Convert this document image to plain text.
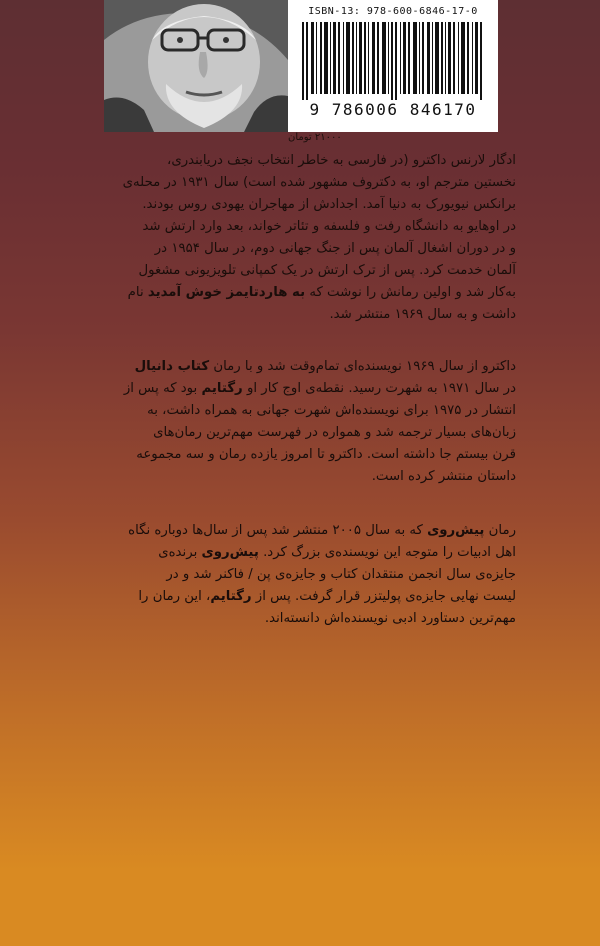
ISBN-13: 978-600-6846-17-0
9 786006 846170
۲۱۰۰۰ تومان
ادگار لارنس داکترو (در فارسی به خاطر انتخاب نجف دریابندری،
نخستین مترجم او، به دکتروف مشهور شده است) سال ۱۹۳۱ در محله‌ی
برانکس نیویورک به دنیا آمد. اجدادش از مهاجران یهودی روس بودند.
در اوهایو به دانشگاه رفت و فلسفه و تئاتر خواند، بعد وارد ارتش شد
و در دوران اشغال آلمان پس از جنگ جهانی دوم، در سال ۱۹۵۴ در
آلمان خدمت کرد. پس از ترک ارتش در یک کمپانی تلویزیونی مشغول
به‌کار شد و اولین رمانش را نوشت که به هاردتایمز خوش آمدید نام
داشت و به سال ۱۹۶۹ منتشر شد.
داکترو از سال ۱۹۶۹ نویسنده‌ای تمام‌وقت شد و با رمان کتاب دانیال
در سال ۱۹۷۱ به شهرت رسید. نقطه‌ی اوج کار او رگتایم بود که پس از
انتشار در ۱۹۷۵ برای نویسنده‌اش شهرت جهانی به همراه داشت، به
زبان‌های بسیار ترجمه شد و همواره در فهرست مهم‌ترین رمان‌های
قرن بیستم جا داشته است. داکترو تا امروز یازده رمان و سه مجموعه
داستان منتشر کرده است.
رمان پیش‌روی که به سال ۲۰۰۵ منتشر شد پس از سال‌ها دوباره نگاه
اهل ادبیات را متوجه این نویسنده‌ی بزرگ کرد. پیش‌روی برنده‌ی
جایزه‌ی سال انجمن منتقدان کتاب و جایزه‌ی پن / فاکنر شد و در
لیست نهایی جایزه‌ی پولیتزر قرار گرفت. پس از رگتایم، این رمان را
مهم‌ترین دستاورد ادبی نویسنده‌اش دانسته‌اند.
